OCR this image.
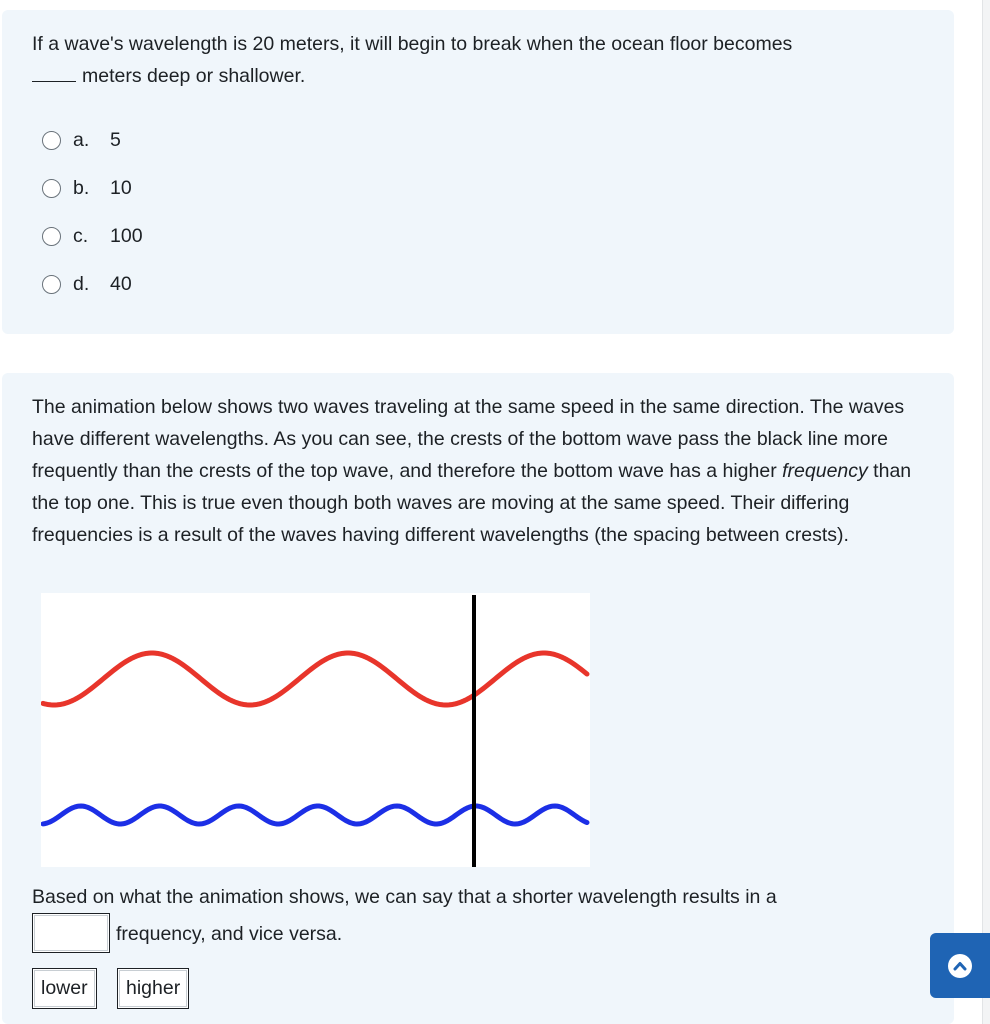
If a wave's wavelength is 20 meters, it will begin to break when the ocean floor becomes
meters deep or shallower.
a.	5
b.	10
c.	100
d.	40
The animation below shows two waves traveling at the same speed in the same direction. The waves have different wavelengths. As you can see, the crests of the bottom wave pass the black line more frequently than the crests of the top wave, and therefore the bottom wave has a higher frequency than the top one. This is true even though both waves are moving at the same speed. Their differing frequencies is a result of the waves having different wavelengths (the spacing between crests).
Based on what the animation shows, we can say that a shorter wavelength results in a
frequency, and vice versa.
lower	higher
